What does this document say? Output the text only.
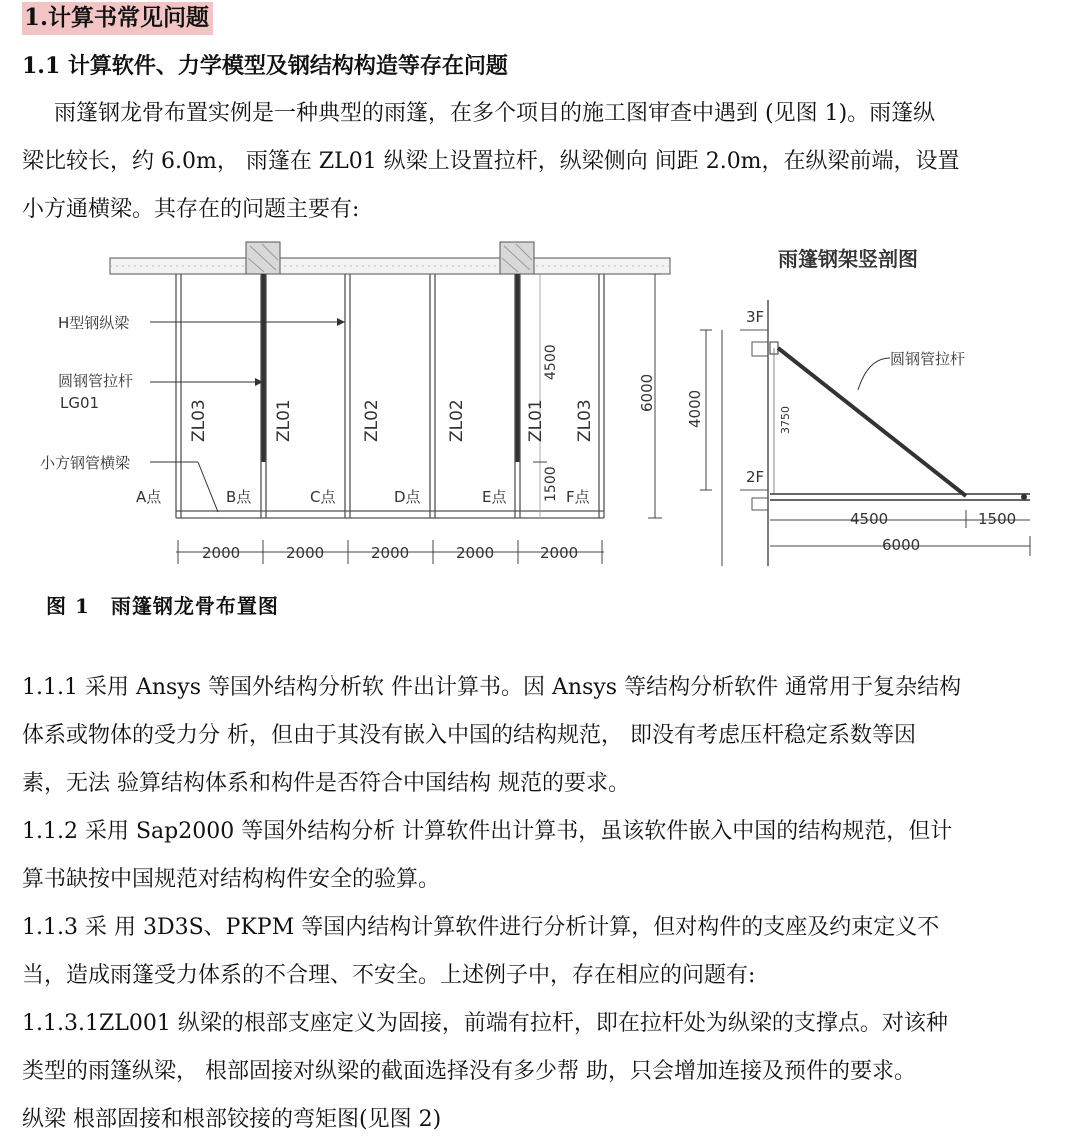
1.计算书常见问题
1.1 计算软件、力学模型及钢结构构造等存在问题

雨篷钢龙骨布置实例是一种典型的雨篷，在多个项目的施工图审查中遇到 (见图 1)。雨篷纵
梁比较长，约 6.0m， 雨篷在 ZL01 纵梁上设置拉杆，纵梁侧向 间距 2.0m，在纵梁前端，设置
小方通横梁。其存在的问题主要有:

H型钢纵梁
圆钢管拉杆
LG01
小方钢管横梁
ZL03	ZL01	ZL02	ZL02	ZL01 ZL03
A点	B点	C点	D点	E点	F点
4500
1500
6000
2000	2000	2000	2000	2000
雨篷钢架竖剖图
圆钢管拉杆
3F
2F
4000	3750
4500	1500
6000
图 1　雨篷钢龙骨布置图

1.1.1 采用 Ansys 等国外结构分析软 件出计算书。因 Ansys 等结构分析软件 通常用于复杂结构
体系或物体的受力分 析，但由于其没有嵌入中国的结构规范， 即没有考虑压杆稳定系数等因
素，无法 验算结构体系和构件是否符合中国结构 规范的要求。

1.1.2 采用 Sap2000 等国外结构分析 计算软件出计算书，虽该软件嵌入中国的结构规范，但计
算书缺按中国规范对结构构件安全的验算。

1.1.3 采 用 3D3S、PKPM 等国内结构计算软件进行分析计算，但对构件的支座及约束定义不
当，造成雨篷受力体系的不合理、不安全。上述例子中，存在相应的问题有:

1.1.3.1ZL001 纵梁的根部支座定义为固接，前端有拉杆，即在拉杆处为纵梁的支撑点。对该种
类型的雨篷纵梁， 根部固接对纵梁的截面选择没有多少帮 助，只会增加连接及预件的要求。
纵梁 根部固接和根部铰接的弯矩图(见图 2)
